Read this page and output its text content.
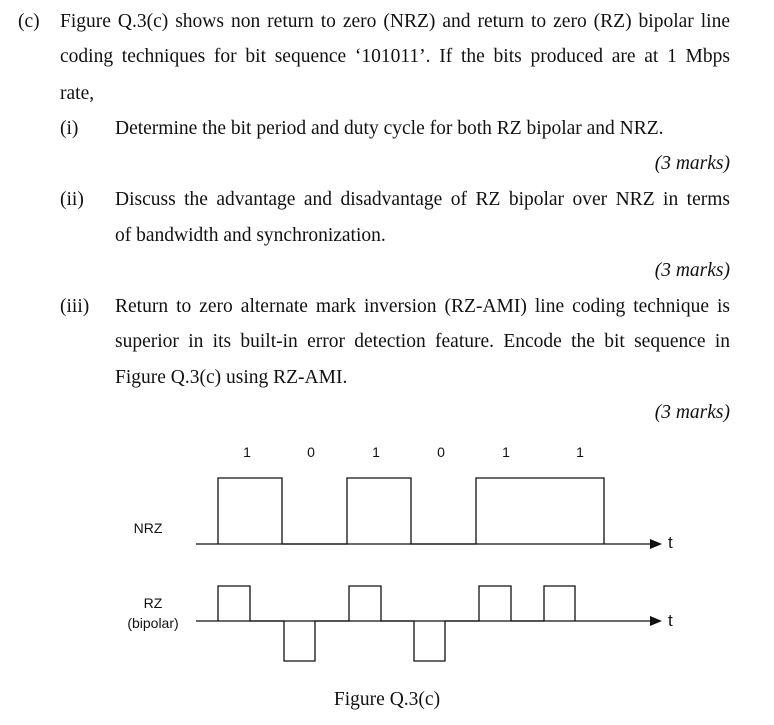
(c) Figure Q.3(c) shows non return to zero (NRZ) and return to zero (RZ) bipolar line
coding techniques for bit sequence ‘101011’. If the bits produced are at 1 Mbps
rate,
(i) Determine the bit period and duty cycle for both RZ bipolar and NRZ.
(3 marks)
(ii) Discuss the advantage and disadvantage of RZ bipolar over NRZ in terms
of bandwidth and synchronization.
(3 marks)
(iii) Return to zero alternate mark inversion (RZ-AMI) line coding technique is
superior in its built-in error detection feature. Encode the bit sequence in
Figure Q.3(c) using RZ-AMI.
(3 marks)
1	0	1	0	1	1
NRZ
t
RZ
(bipolar)	t
Figure Q.3(c)
